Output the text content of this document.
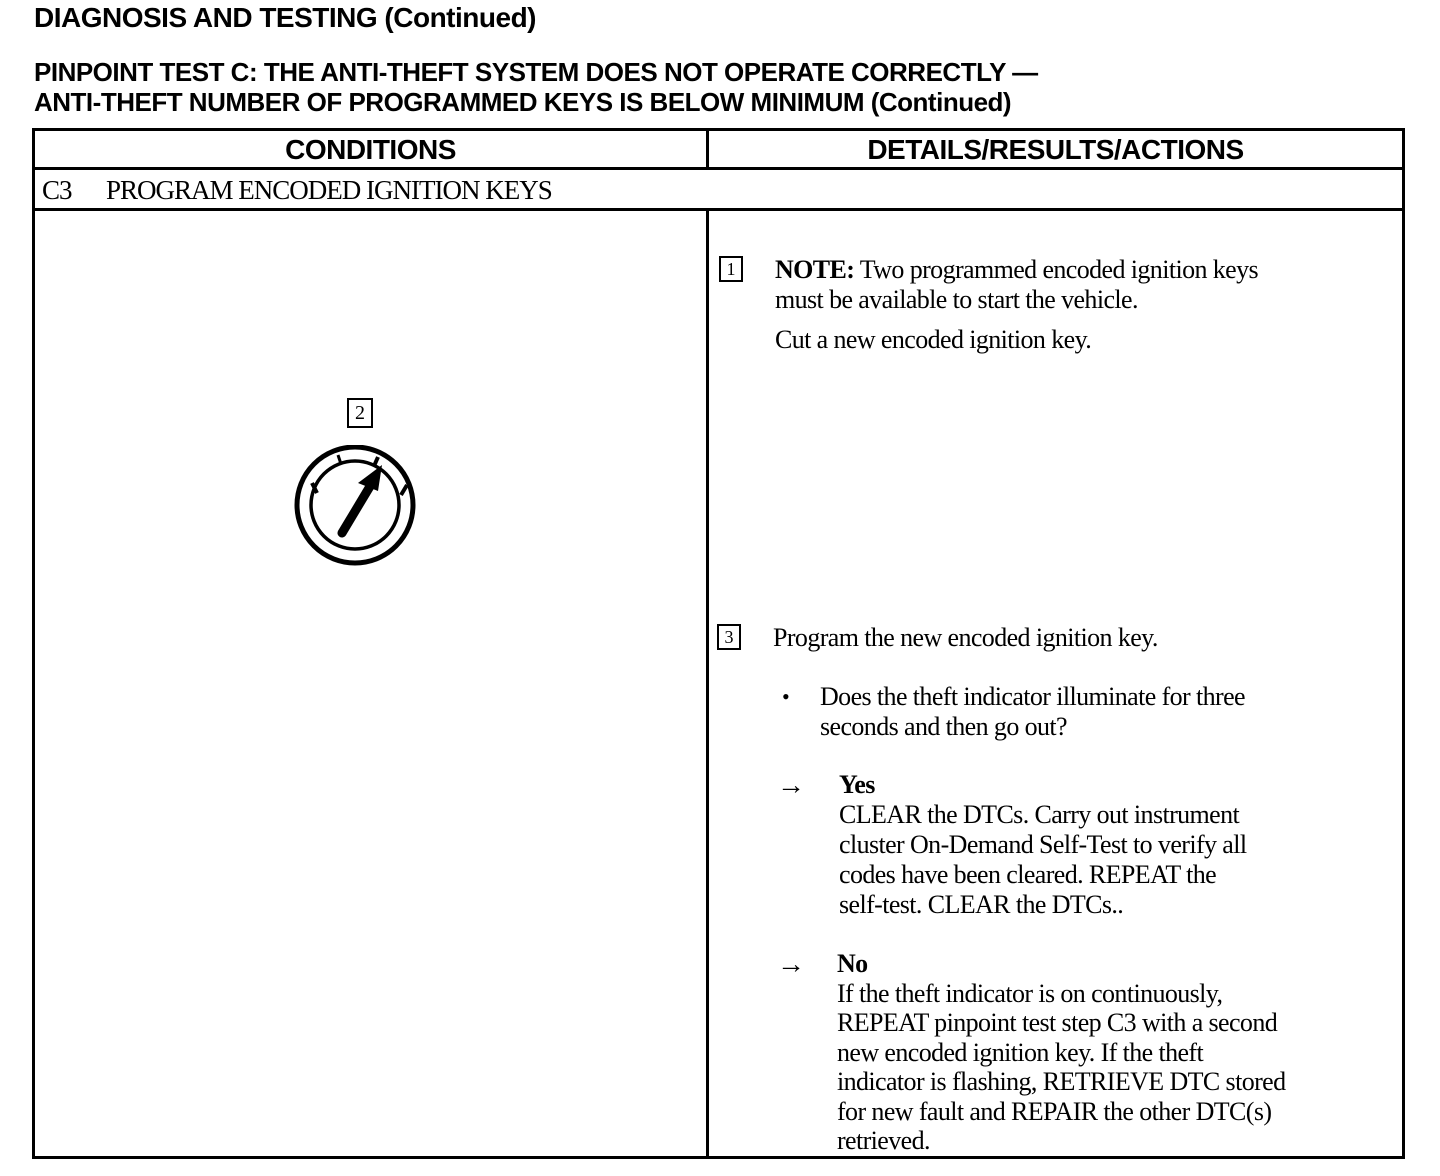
DIAGNOSIS AND TESTING (Continued)
PINPOINT TEST C: THE ANTI-THEFT SYSTEM DOES NOT OPERATE CORRECTLY —
ANTI-THEFT NUMBER OF PROGRAMMED KEYS IS BELOW MINIMUM (Continued)
CONDITIONS	DETAILS/RESULTS/ACTIONS
C3 PROGRAM ENCODED IGNITION KEYS
2
1 NOTE: Two programmed encoded ignition keys
must be available to start the vehicle.
Cut a new encoded ignition key.
3 Program the new encoded ignition key.
• Does the theft indicator illuminate for three
seconds and then go out?
→ Yes
CLEAR the DTCs. Carry out instrument
cluster On-Demand Self-Test to verify all
codes have been cleared. REPEAT the
self-test. CLEAR the DTCs..
→ No
If the theft indicator is on continuously,
REPEAT pinpoint test step C3 with a second
new encoded ignition key. If the theft
indicator is flashing, RETRIEVE DTC stored
for new fault and REPAIR the other DTC(s)
retrieved.
